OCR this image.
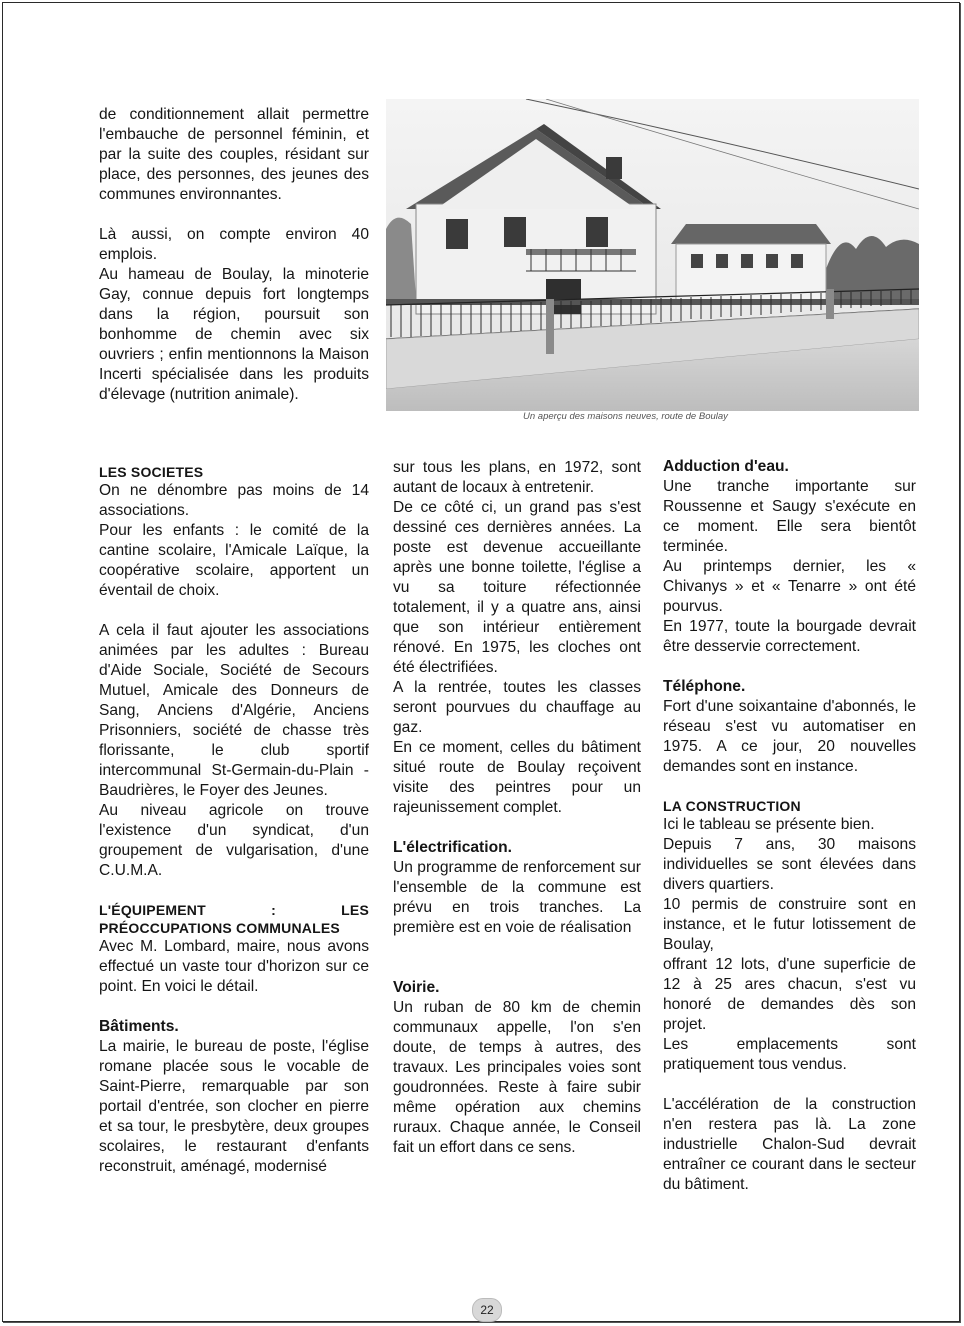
de conditionnement allait permettre l'embauche de personnel féminin, et par la suite des couples, résidant sur place, des personnes, des jeunes des communes environnantes.

Là aussi, on compte environ 40 emplois.

Au hameau de Boulay, la minoterie Gay, connue depuis fort longtemps dans la région, poursuit son bonhomme de chemin avec six ouvriers ; enfin mentionnons la Maison Incerti spécialisée dans les produits d'élevage (nutrition animale).

LES SOCIETES

On ne dénombre pas moins de 14 associations.

Pour les enfants : le comité de la cantine scolaire, l'Amicale Laïque, la coopérative scolaire, apportent un éventail de choix.

A cela il faut ajouter les associations animées par les adultes : Bureau d'Aide Sociale, Société de Secours Mutuel, Amicale des Donneurs de Sang, Anciens d'Algérie, Anciens Prisonniers, société de chasse très florissante, le club sportif intercommunal St-Germain-du-Plain - Baudrières, le Foyer des Jeunes.

Au niveau agricole on trouve l'existence d'un syndicat, d'un groupement de vulgarisation, d'une C.U.M.A.

L'ÉQUIPEMENT : LES PRÉOCCUPATIONS COMMUNALES

Avec M. Lombard, maire, nous avons effectué un vaste tour d'horizon sur ce point. En voici le détail.

Bâtiments.

La mairie, le bureau de poste, l'église romane placée sous le vocable de Saint-Pierre, remarquable par son portail d'entrée, son clocher en pierre et sa tour, le presbytère, deux groupes scolaires, le restaurant d'enfants reconstruit, aménagé, modernisé

sur tous les plans, en 1972, sont autant de locaux à entretenir.

De ce côté ci, un grand pas s'est dessiné ces dernières années. La poste est devenue accueillante après une bonne toilette, l'église a vu sa toiture réfectionnée totalement, il y a quatre ans, ainsi que son intérieur entièrement rénové. En 1975, les cloches ont été électrifiées.

A la rentrée, toutes les classes seront pourvues du chauffage au gaz.

En ce moment, celles du bâtiment situé route de Boulay reçoivent visite des peintres pour un rajeunissement complet.

L'électrification.

Un programme de renforcement sur l'ensemble de la commune est prévu en trois tranches. La première est en voie de réalisation

Voirie.

Un ruban de 80 km de chemin communaux appelle, l'on s'en doute, de temps à autres, des travaux. Les principales voies sont goudronnées. Reste à faire subir même opération aux chemins ruraux. Chaque année, le Conseil fait un effort dans ce sens.

Adduction d'eau.

Une tranche importante sur Roussenne et Saugy s'exécute en ce moment. Elle sera bientôt terminée.

Au printemps dernier, les « Chivanys » et « Tenarre » ont été pourvus.

En 1977, toute la bourgade devrait être desservie correctement.

Téléphone.

Fort d'une soixantaine d'abonnés, le réseau s'est vu automatiser en 1975. A ce jour, 20 nouvelles demandes sont en instance.

LA CONSTRUCTION

Ici le tableau se présente bien.

Depuis 7 ans, 30 maisons individuelles se sont élevées dans divers quartiers.

10 permis de construire sont en instance, et le futur lotissement de Boulay,

offrant 12 lots, d'une superficie de 12 à 25 ares chacun, s'est vu honoré de demandes dès son projet.

Les emplacements sont pratiquement tous vendus.

L'accélération de la construction n'en restera pas là. La zone industrielle Chalon-Sud devrait entraîner ce courant dans le secteur du bâtiment.

Un aperçu des maisons neuves, route de Boulay
22
